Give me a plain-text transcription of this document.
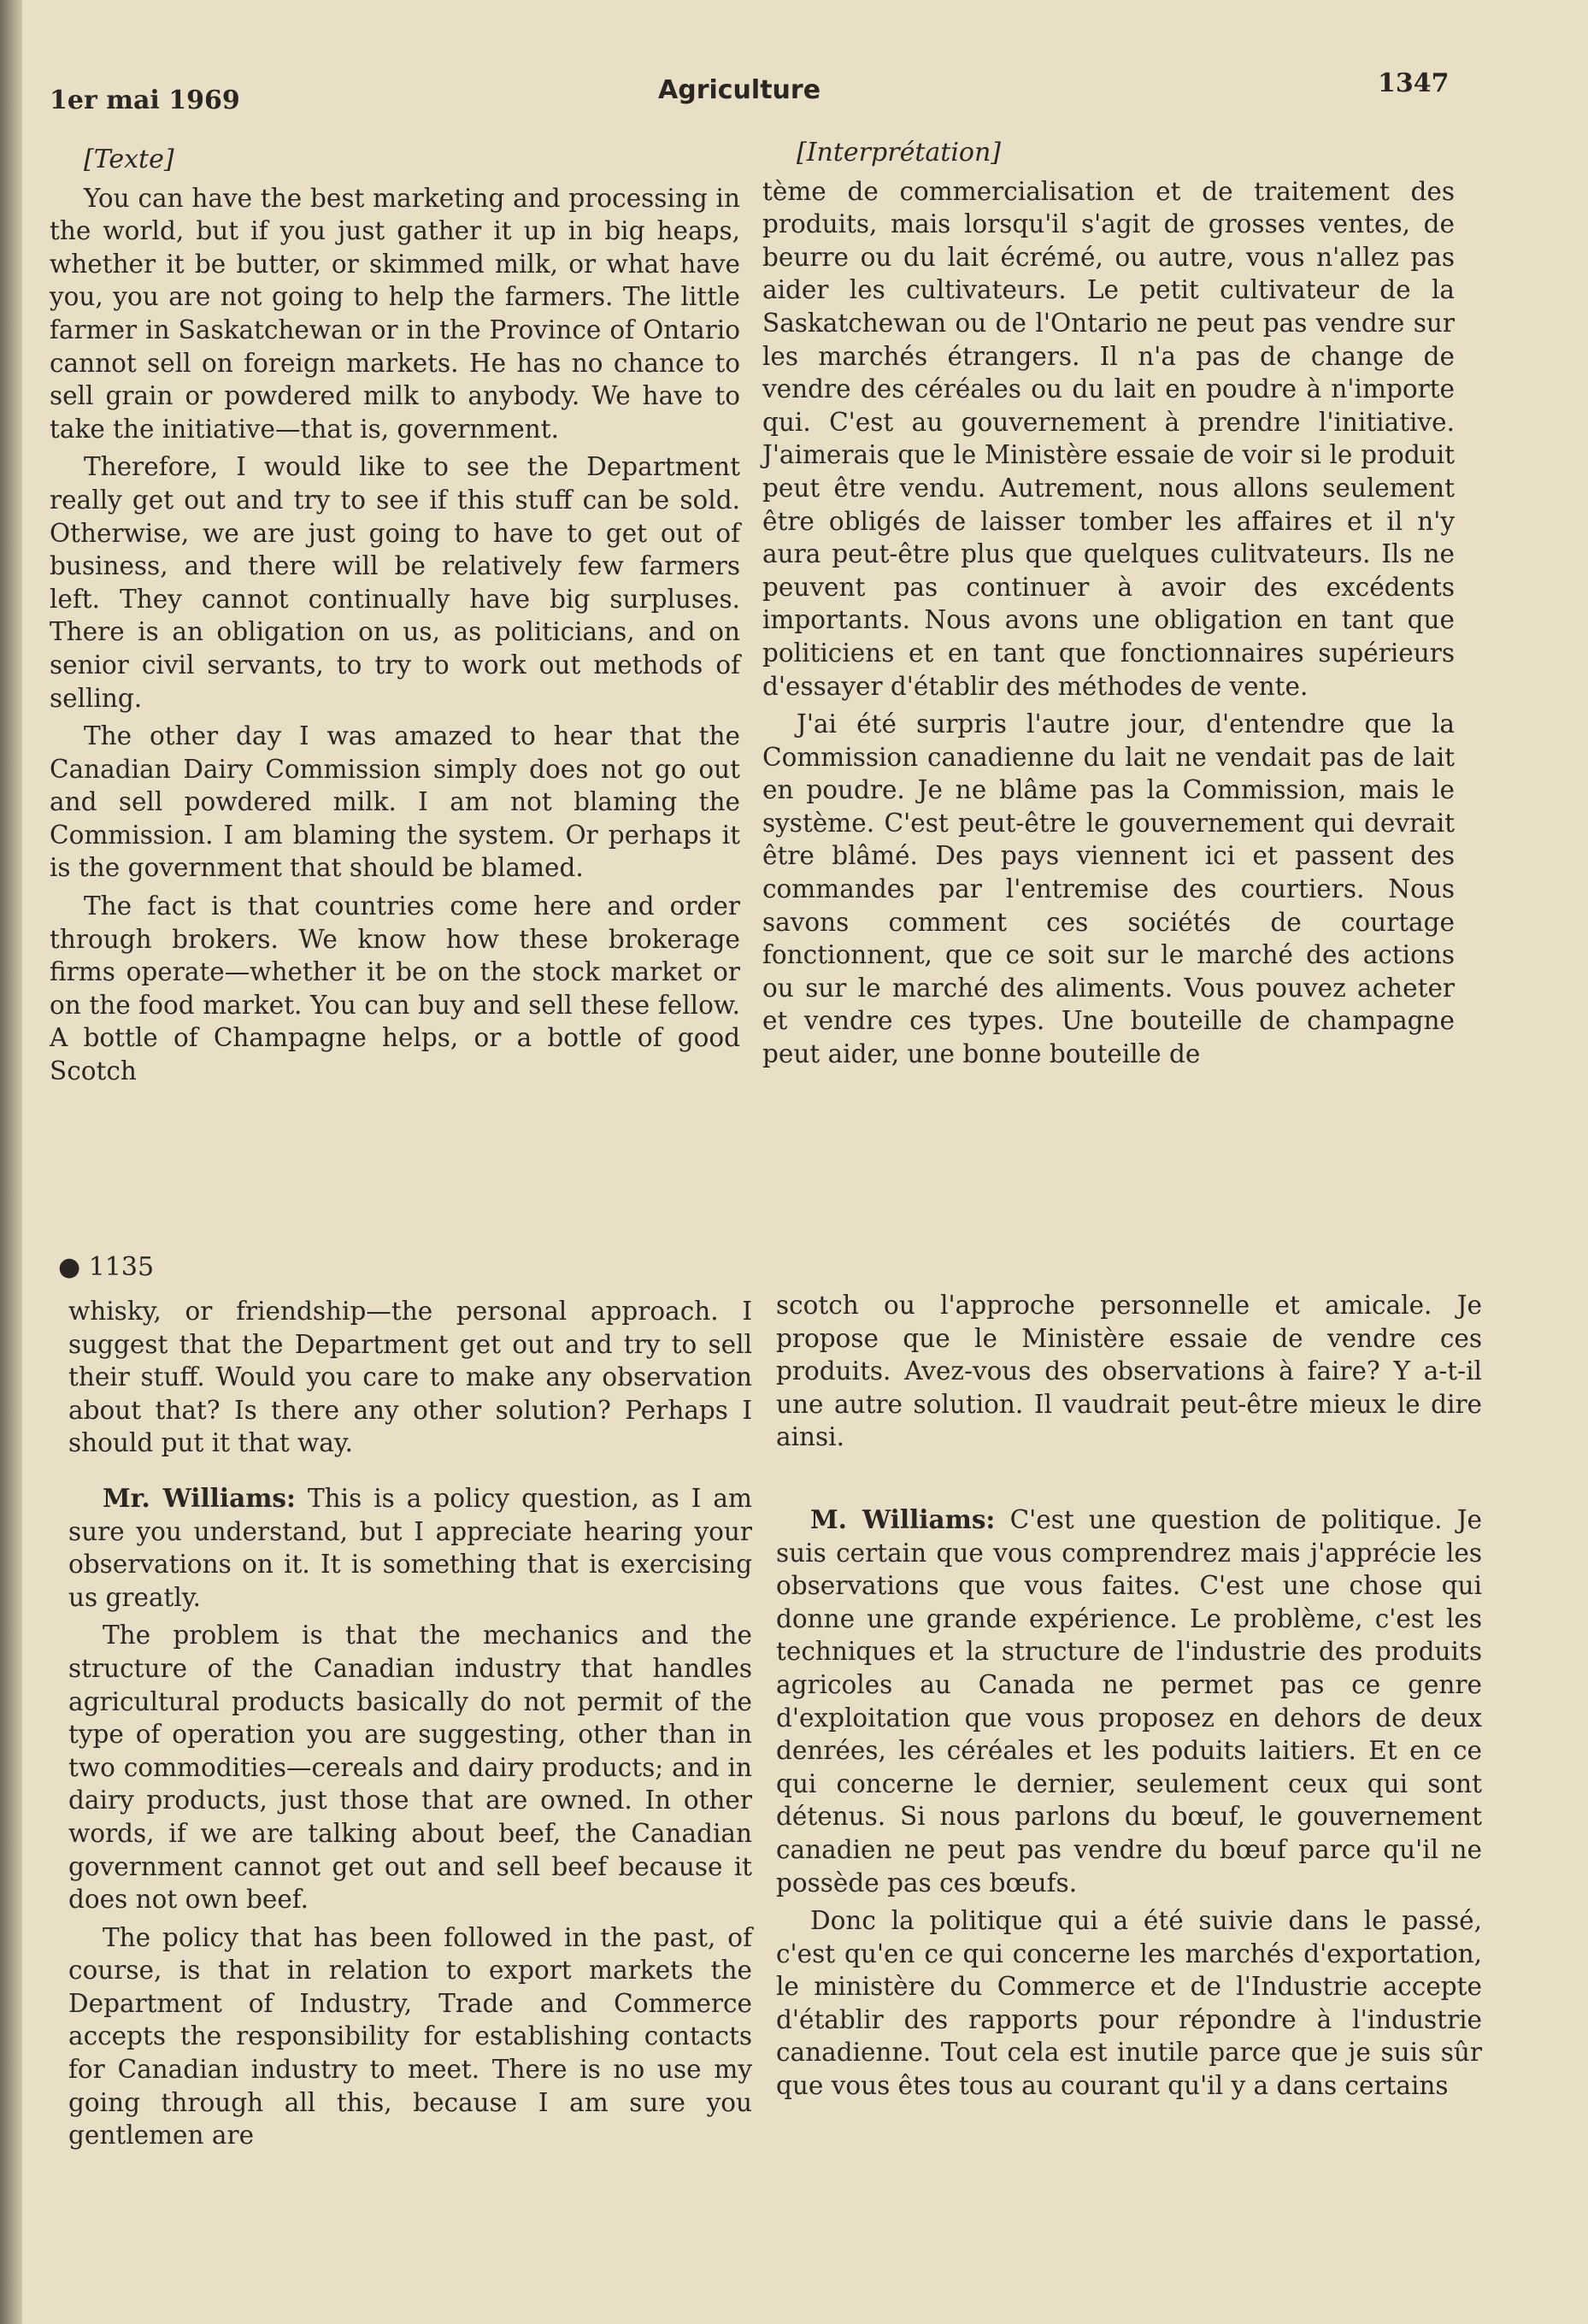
1er mai 1969	Agriculture	1347

[Texte]

You can have the best marketing and processing in the world, but if you just gather it up in big heaps, whether it be butter, or skimmed milk, or what have you, you are not going to help the farmers. The little farmer in Saskatchewan or in the Province of Ontario cannot sell on foreign markets. He has no chance to sell grain or powdered milk to anybody. We have to take the initiative—that is, government.

Therefore, I would like to see the Department really get out and try to see if this stuff can be sold. Otherwise, we are just going to have to get out of business, and there will be relatively few farmers left. They cannot continually have big surpluses. There is an obligation on us, as politicians, and on senior civil servants, to try to work out methods of selling.

The other day I was amazed to hear that the Canadian Dairy Commission simply does not go out and sell powdered milk. I am not blaming the Commission. I am blaming the system. Or perhaps it is the government that should be blamed.

The fact is that countries come here and order through brokers. We know how these brokerage firms operate—whether it be on the stock market or on the food market. You can buy and sell these fellow. A bottle of Champagne helps, or a bottle of good Scotch

[Interprétation]

tème de commercialisation et de traitement des produits, mais lorsqu'il s'agit de grosses ventes, de beurre ou du lait écrémé, ou autre, vous n'allez pas aider les cultivateurs. Le petit cultivateur de la Saskatchewan ou de l'Ontario ne peut pas vendre sur les marchés étrangers. Il n'a pas de change de vendre des céréales ou du lait en poudre à n'importe qui. C'est au gouvernement à prendre l'initiative. J'aimerais que le Ministère essaie de voir si le produit peut être vendu. Autrement, nous allons seulement être obligés de laisser tomber les affaires et il n'y aura peut-être plus que quelques culitvateurs. Ils ne peuvent pas continuer à avoir des excédents importants. Nous avons une obligation en tant que politiciens et en tant que fonctionnaires supérieurs d'essayer d'établir des méthodes de vente.

J'ai été surpris l'autre jour, d'entendre que la Commission canadienne du lait ne vendait pas de lait en poudre. Je ne blâme pas la Commission, mais le système. C'est peut-être le gouvernement qui devrait être blâmé. Des pays viennent ici et passent des commandes par l'entremise des courtiers. Nous savons comment ces sociétés de courtage fonctionnent, que ce soit sur le marché des actions ou sur le marché des aliments. Vous pouvez acheter et vendre ces types. Une bouteille de champagne peut aider, une bonne bouteille de

● 1135

whisky, or friendship—the personal approach. I suggest that the Department get out and try to sell their stuff. Would you care to make any observation about that? Is there any other solution? Perhaps I should put it that way.

Mr. Williams: This is a policy question, as I am sure you understand, but I appreciate hearing your observations on it. It is something that is exercising us greatly.

The problem is that the mechanics and the structure of the Canadian industry that handles agricultural products basically do not permit of the type of operation you are suggesting, other than in two commodities—cereals and dairy products; and in dairy products, just those that are owned. In other words, if we are talking about beef, the Canadian government cannot get out and sell beef because it does not own beef.

The policy that has been followed in the past, of course, is that in relation to export markets the Department of Industry, Trade and Commerce accepts the responsibility for establishing contacts for Canadian industry to meet. There is no use my going through all this, because I am sure you gentlemen are

scotch ou l'approche personnelle et amicale. Je propose que le Ministère essaie de vendre ces produits. Avez-vous des observations à faire? Y a-t-il une autre solution. Il vaudrait peut-être mieux le dire ainsi.

M. Williams: C'est une question de politique. Je suis certain que vous comprendrez mais j'apprécie les observations que vous faites. C'est une chose qui donne une grande expérience. Le problème, c'est les techniques et la structure de l'industrie des produits agricoles au Canada ne permet pas ce genre d'exploitation que vous proposez en dehors de deux denrées, les céréales et les poduits laitiers. Et en ce qui concerne le dernier, seulement ceux qui sont détenus. Si nous parlons du bœuf, le gouvernement canadien ne peut pas vendre du bœuf parce qu'il ne possède pas ces bœufs.

Donc la politique qui a été suivie dans le passé, c'est qu'en ce qui concerne les marchés d'exportation, le ministère du Commerce et de l'Industrie accepte d'établir des rapports pour répondre à l'industrie canadienne. Tout cela est inutile parce que je suis sûr que vous êtes tous au courant qu'il y a dans certains
